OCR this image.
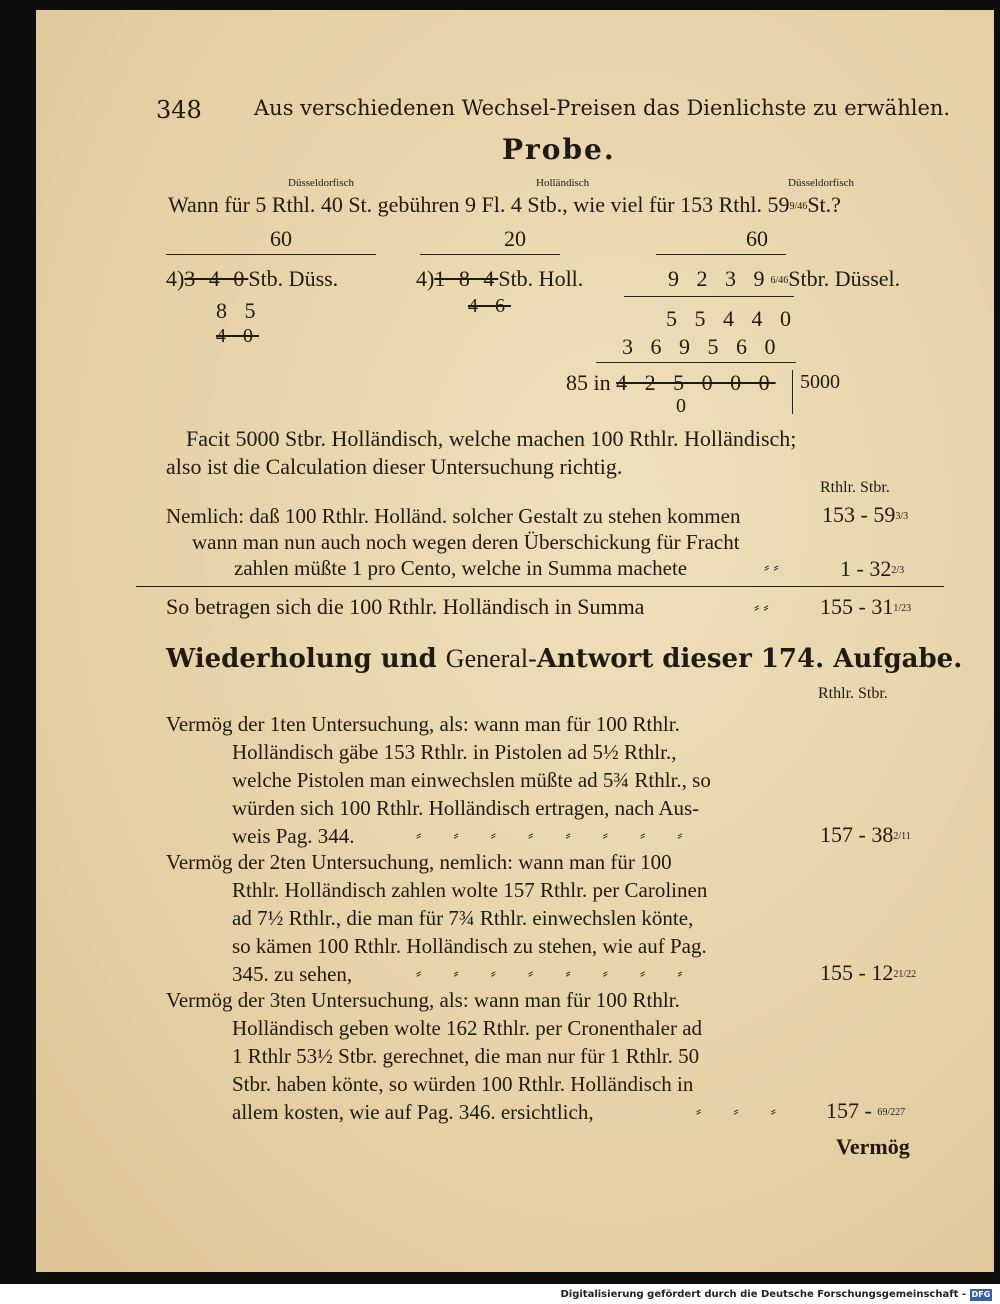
348 Aus verschiedenen Wechsel-Preisen das Dienlichste zu erwählen.
Probe.
Düsseldorfisch	Holländisch	Düsseldorfisch
Wann für 5 Rthl. 40 St. gebühren 9 Fl. 4 Stb., wie viel für 153 Rthl. 599/46St.?
60	20	60
4)3 4 0Stb. Düss.
8 5
4 0
4)1 8 4Stb. Holl.
4 6
9 2 3 96/46Stbr. Düssel.
5 5 4 4 0
3 6 9 5 6 0
85 in 4 2 5 0 0 0 5000
0
Facit 5000 Stbr. Holländisch, welche machen 100 Rthlr. Holländisch;
also ist die Calculation dieser Untersuchung richtig.
Rthlr. Stbr.
Nemlich: daß 100 Rthlr. Holländ. solcher Gestalt zu stehen kommen	153 - 593/3
wann man nun auch noch wegen deren Überschickung für Fracht
zahlen müßte 1 pro Cento, welche in Summa machete	⸗ ⸗	1 - 322/3
So betragen sich die 100 Rthlr. Holländisch in Summa	⸗ ⸗ 155 - 311/23
Wiederholung und General-Antwort dieser 174. Aufgabe.
Rthlr. Stbr.
Vermög der 1ten Untersuchung, als: wann man für 100 Rthlr.
Holländisch gäbe 153 Rthlr. in Pistolen ad 5½ Rthlr.,
welche Pistolen man einwechslen müßte ad 5¾ Rthlr., so
würden sich 100 Rthlr. Holländisch ertragen, nach Aus-
weis Pag. 344.	⸗ ⸗ ⸗ ⸗ ⸗ ⸗ ⸗ ⸗	157 - 382/11
Vermög der 2ten Untersuchung, nemlich: wann man für 100
Rthlr. Holländisch zahlen wolte 157 Rthlr. per Carolinen
ad 7½ Rthlr., die man für 7¾ Rthlr. einwechslen könte,
so kämen 100 Rthlr. Holländisch zu stehen, wie auf Pag.
345. zu sehen,	⸗ ⸗ ⸗ ⸗ ⸗ ⸗ ⸗ ⸗	155 - 1221/22
Vermög der 3ten Untersuchung, als: wann man für 100 Rthlr.
Holländisch geben wolte 162 Rthlr. per Cronenthaler ad
1 Rthlr 53½ Stbr. gerechnet, die man nur für 1 Rthlr. 50
Stbr. haben könte, so würden 100 Rthlr. Holländisch in
allem kosten, wie auf Pag. 346. ersichtlich,	⸗ ⸗ ⸗ 157 - 69/227
Vermög
Digitalisierung gefördert durch die Deutsche Forschungsgemeinschaft - DFG
